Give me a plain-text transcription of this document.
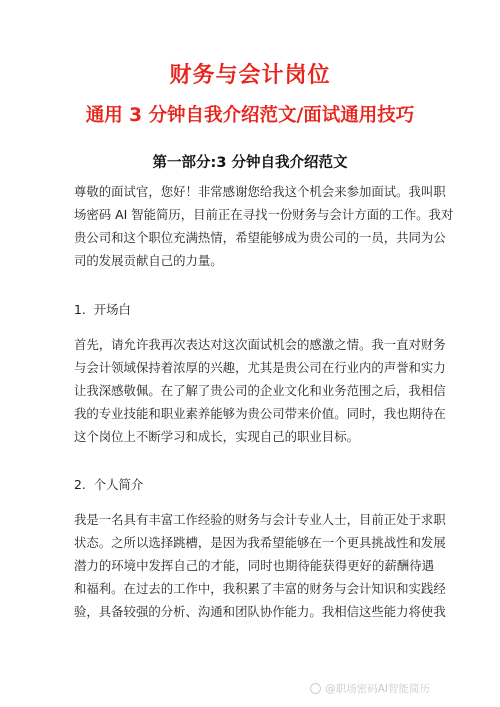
财务与会计岗位
通用 3 分钟自我介绍范文/面试通用技巧
第一部分:3 分钟自我介绍范文
尊敬的面试官，您好！非常感谢您给我这个机会来参加面试。我叫职
场密码 AI 智能简历，目前正在寻找一份财务与会计方面的工作。我对
贵公司和这个职位充满热情，希望能够成为贵公司的一员，共同为公
司的发展贡献自己的力量。
1.  开场白
首先，请允许我再次表达对这次面试机会的感激之情。我一直对财务
与会计领域保持着浓厚的兴趣，尤其是贵公司在行业内的声誉和实力
让我深感敬佩。在了解了贵公司的企业文化和业务范围之后，我相信
我的专业技能和职业素养能够为贵公司带来价值。同时，我也期待在
这个岗位上不断学习和成长，实现自己的职业目标。
2.  个人简介
我是一名具有丰富工作经验的财务与会计专业人士，目前正处于求职
状态。之所以选择跳槽，是因为我希望能够在一个更具挑战性和发展
潜力的环境中发挥自己的才能，同时也期待能获得更好的薪酬待遇
和福利。在过去的工作中，我积累了丰富的财务与会计知识和实践经
验，具备较强的分析、沟通和团队协作能力。我相信这些能力将使我
@职场密码AI智能简历
